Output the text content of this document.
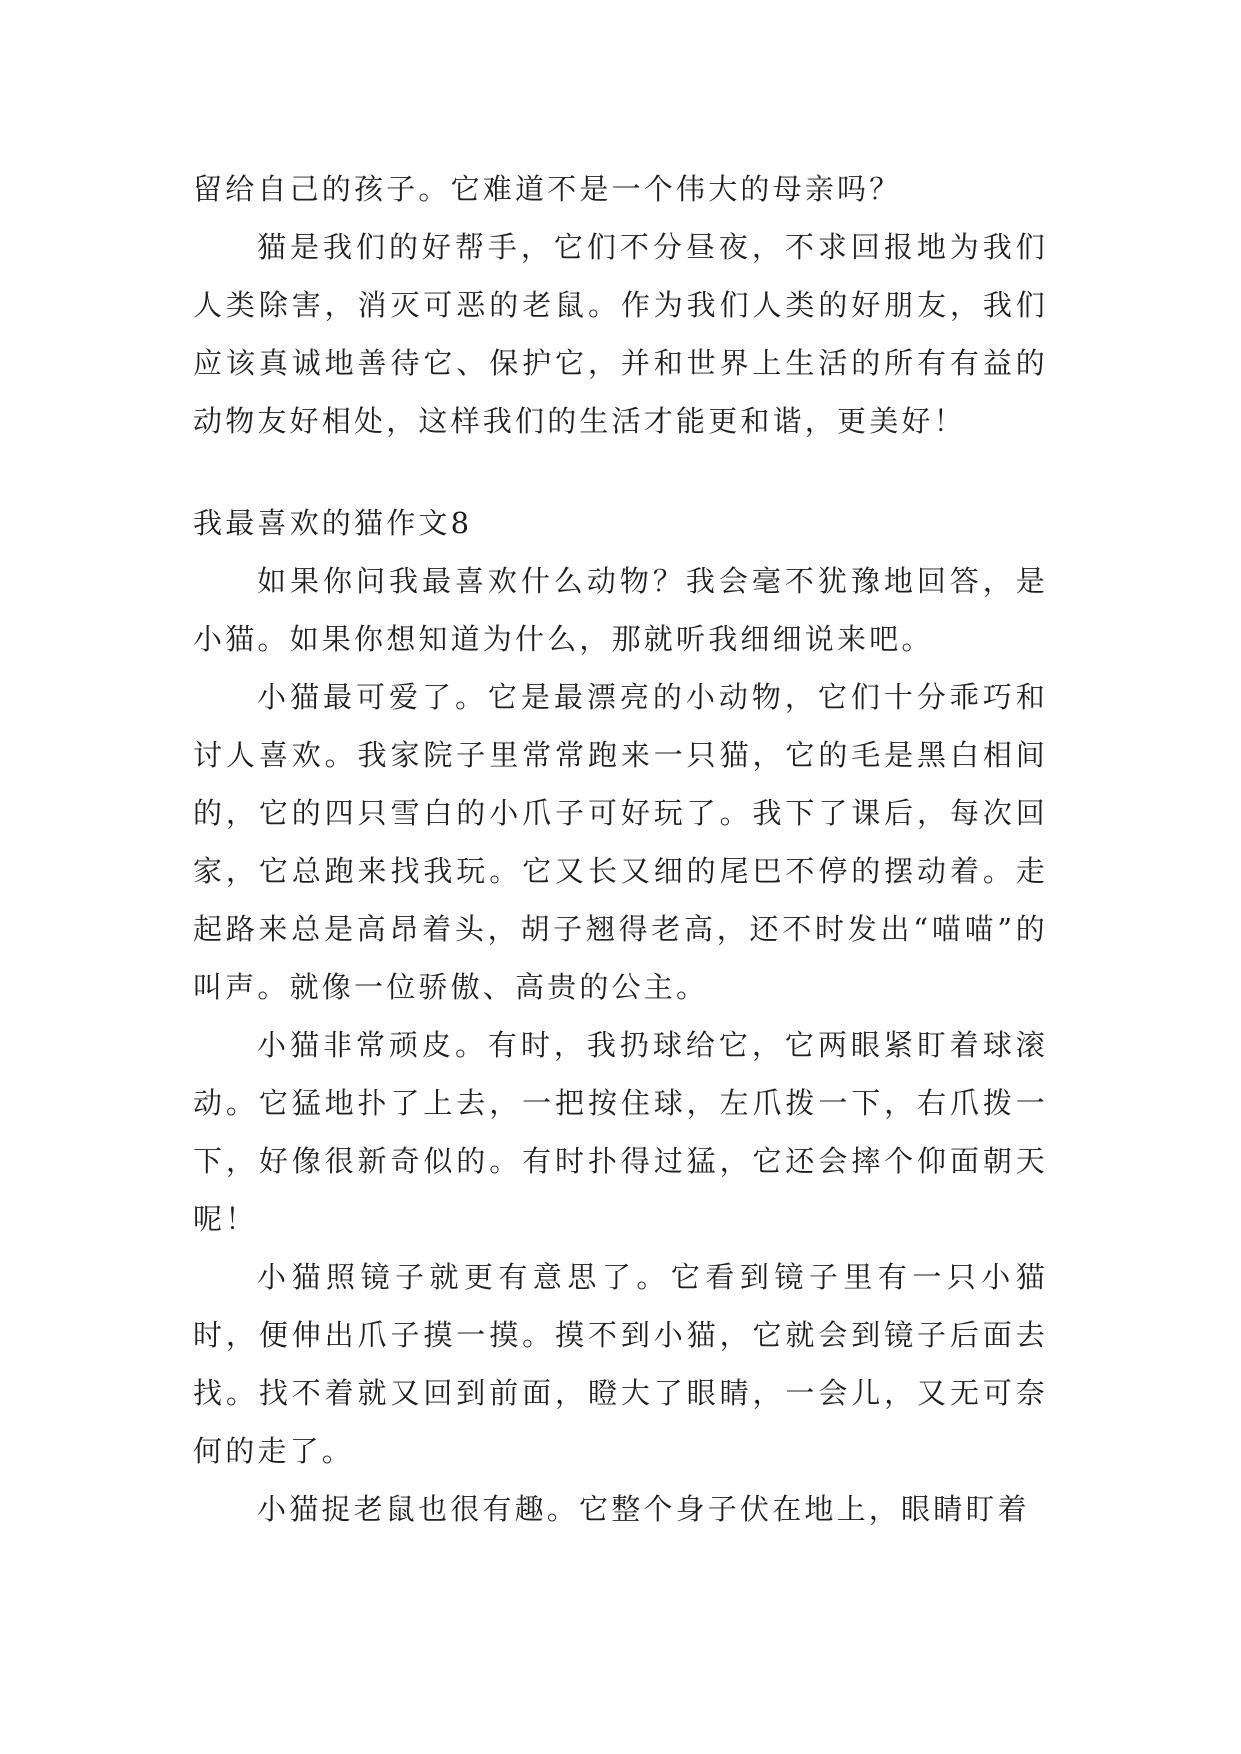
留给自己的孩子。它难道不是一个伟大的母亲吗？

猫是我们的好帮手，它们不分昼夜，不求回报地为我们人类除害，消灭可恶的老鼠。作为我们人类的好朋友，我们应该真诚地善待它、保护它，并和世界上生活的所有有益的动物友好相处，这样我们的生活才能更和谐，更美好！

我最喜欢的猫作文8

如果你问我最喜欢什么动物？我会毫不犹豫地回答，是小猫。如果你想知道为什么，那就听我细细说来吧。

小猫最可爱了。它是最漂亮的小动物，它们十分乖巧和讨人喜欢。我家院子里常常跑来一只猫，它的毛是黑白相间的，它的四只雪白的小爪子可好玩了。我下了课后，每次回家，它总跑来找我玩。它又长又细的尾巴不停的摆动着。走起路来总是高昂着头，胡子翘得老高，还不时发出“喵喵”的叫声。就像一位骄傲、高贵的公主。

小猫非常顽皮。有时，我扔球给它，它两眼紧盯着球滚动。它猛地扑了上去，一把按住球，左爪拨一下，右爪拨一下，好像很新奇似的。有时扑得过猛，它还会摔个仰面朝天呢！

小猫照镜子就更有意思了。它看到镜子里有一只小猫时，便伸出爪子摸一摸。摸不到小猫，它就会到镜子后面去找。找不着就又回到前面，瞪大了眼睛，一会儿，又无可奈何的走了。

小猫捉老鼠也很有趣。它整个身子伏在地上，眼睛盯着
